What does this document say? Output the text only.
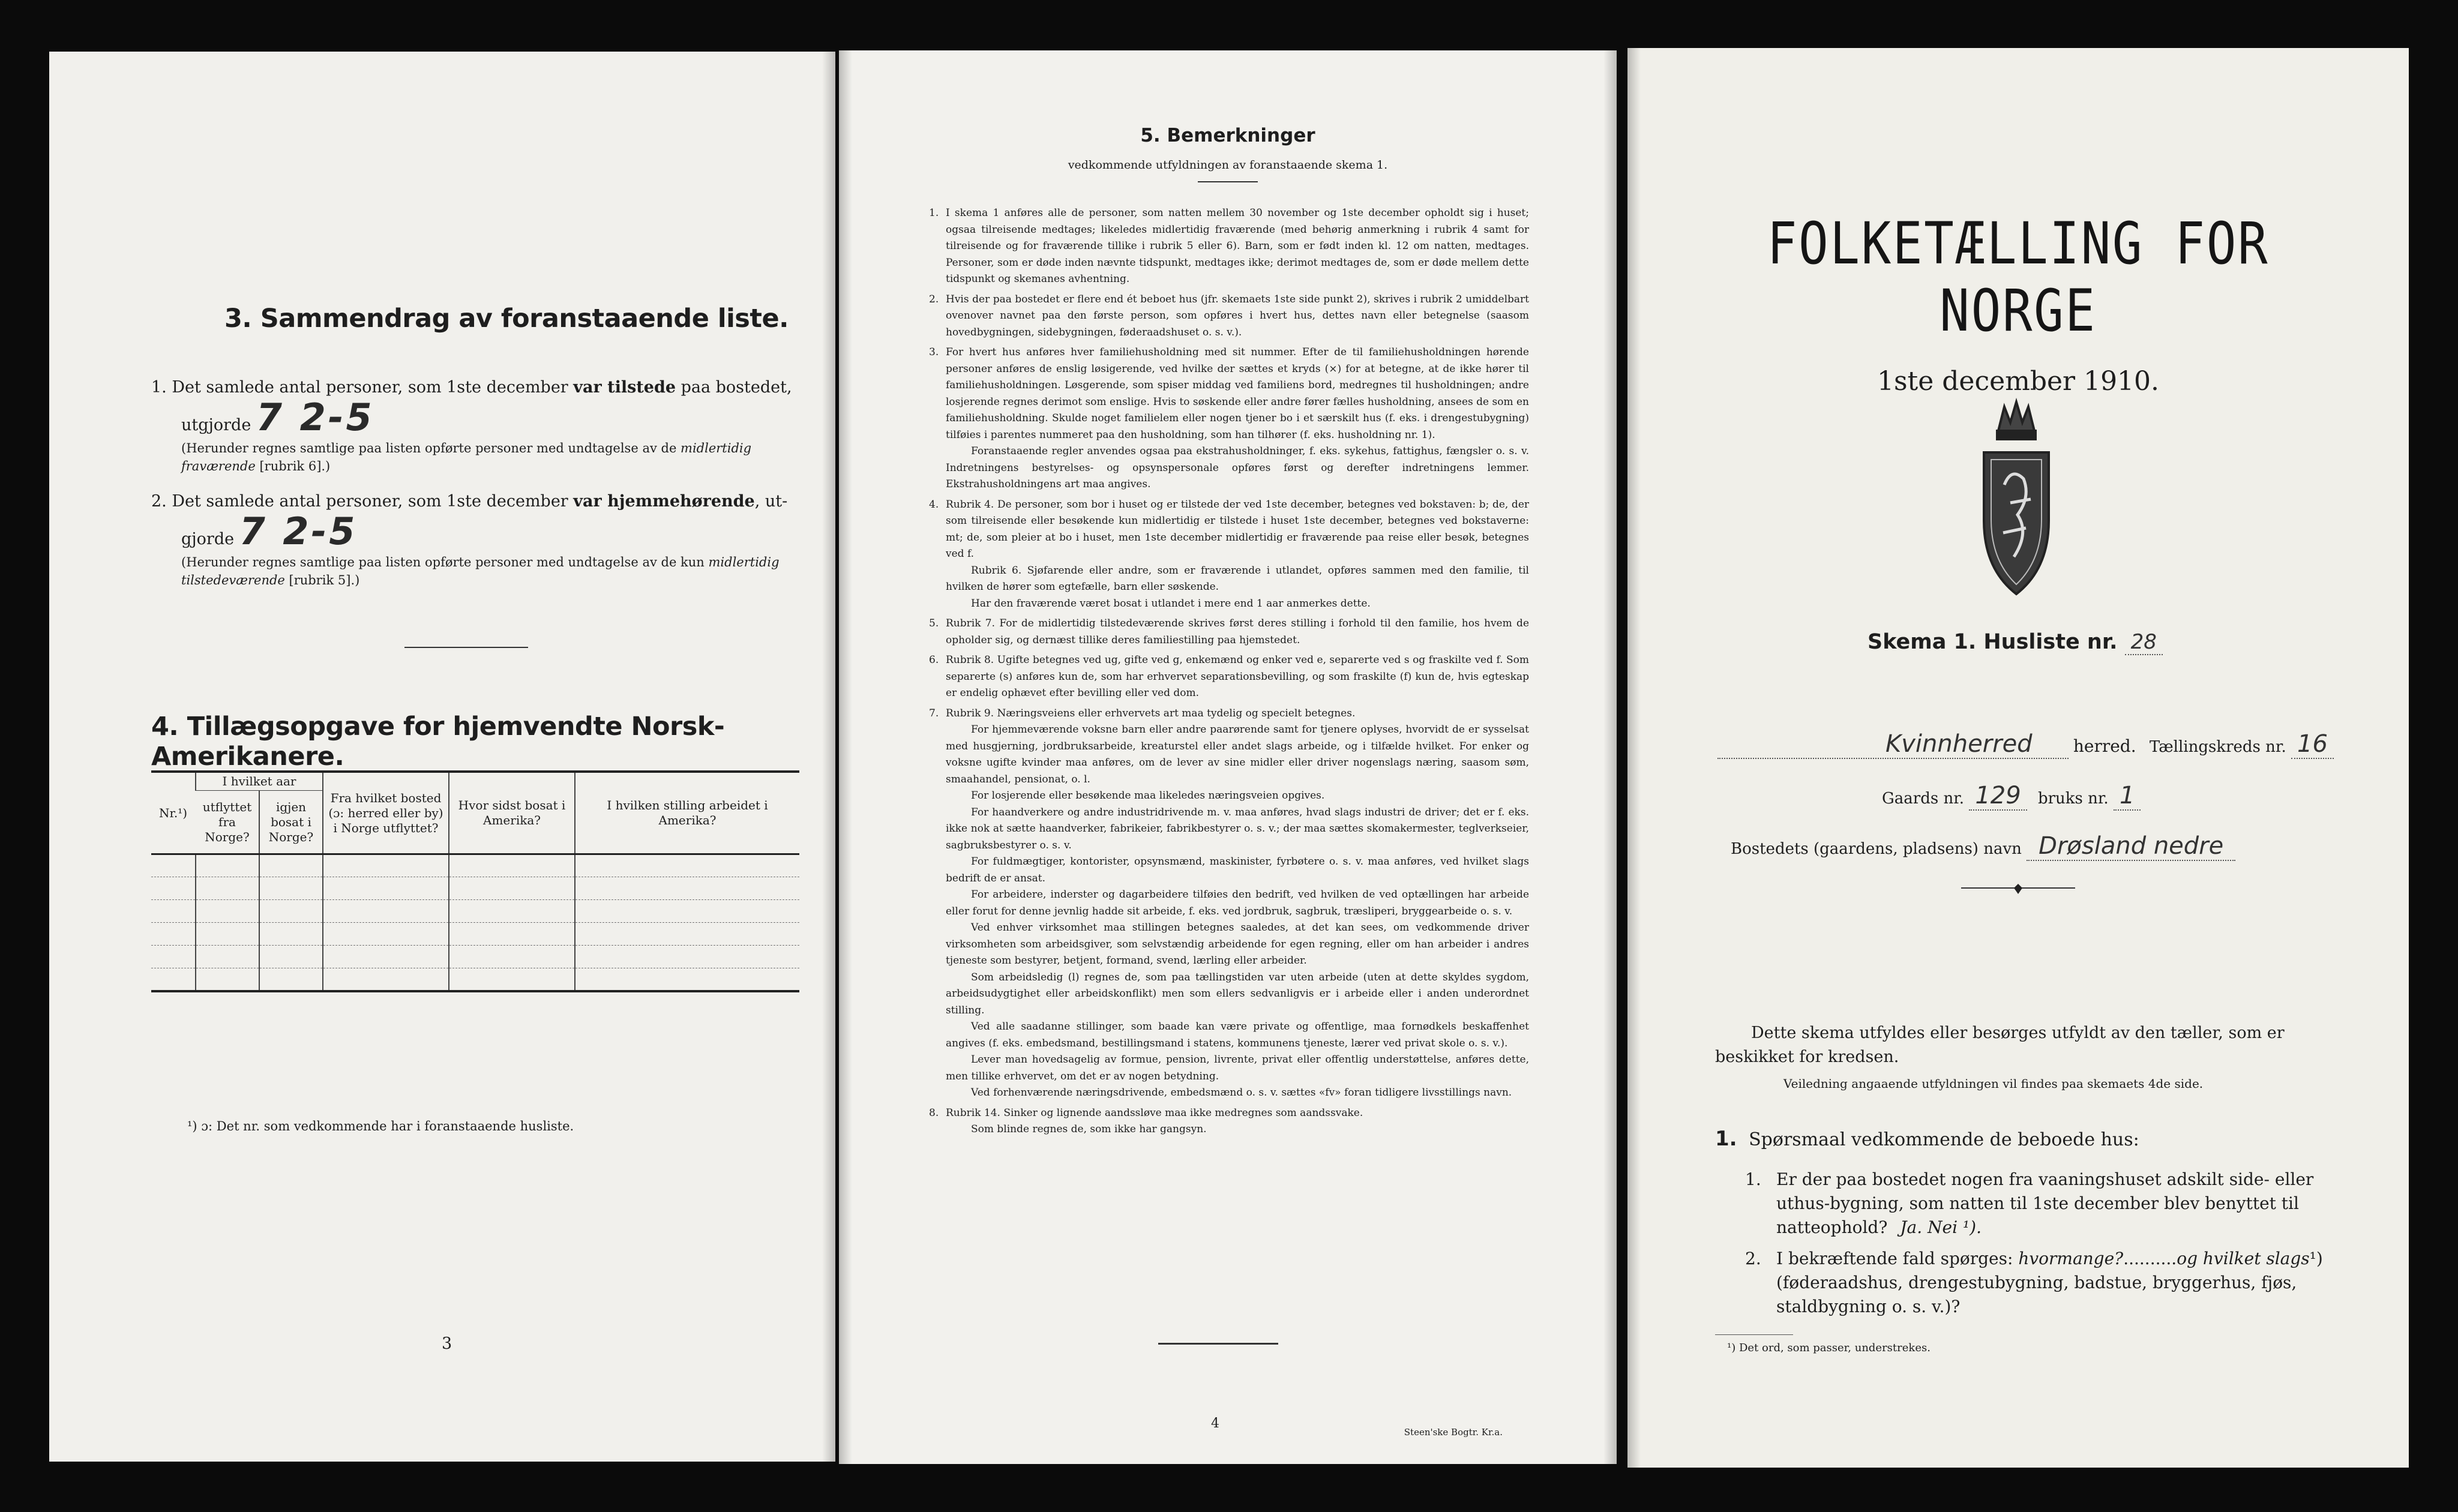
3. Sammendrag av foranstaaende liste.
1. Det samlede antal personer, som 1ste december var tilstede paa bostedet,
utgjorde 7 2-5
(Herunder regnes samtlige paa listen opførte personer med undtagelse av de midlertidig fraværende [rubrik 6].)
2. Det samlede antal personer, som 1ste december var hjemmehørende, ut-
gjorde 7 2-5
(Herunder regnes samtlige paa listen opførte personer med undtagelse av de kun midlertidig tilstedeværende [rubrik 5].)
4. Tillægsopgave for hjemvendte Norsk-Amerikanere.
Nr.¹)	I hvilket aar		Fra hvilket bosted (ɔ: herred eller by) i Norge utflyttet?	Hvor sidst bosat i Amerika?	I hvilken stilling arbeidet i Amerika?
	utflyttet fra Norge?	igjen bosat i Norge?			

¹) ɔ: Det nr. som vedkommende har i foranstaaende husliste.
3
5. Bemerkninger
vedkommende utfyldningen av foranstaaende skema 1.
1. I skema 1 anføres alle de personer, som natten mellem 30 november og 1ste december opholdt sig i huset; ogsaa tilreisende medtages; likeledes midlertidig fraværende (med behørig anmerkning i rubrik 4 samt for tilreisende og for fraværende tillike i rubrik 5 eller 6). Barn, som er født inden kl. 12 om natten, medtages. Personer, som er døde inden nævnte tidspunkt, medtages ikke; derimot medtages de, som er døde mellem dette tidspunkt og skemanes avhentning.

2. Hvis der paa bostedet er flere end ét beboet hus (jfr. skemaets 1ste side punkt 2), skrives i rubrik 2 umiddelbart ovenover navnet paa den første person, som opføres i hvert hus, dettes navn eller betegnelse (saasom hovedbygningen, sidebygningen, føderaadshuset o. s. v.).

3. For hvert hus anføres hver familiehusholdning med sit nummer. Efter de til familiehusholdningen hørende personer anføres de enslig løsigerende, ved hvilke der sættes et kryds (×) for at betegne, at de ikke hører til familiehusholdningen. Løsgerende, som spiser middag ved familiens bord, medregnes til husholdningen; andre losjerende regnes derimot som enslige. Hvis to søskende eller andre fører fælles husholdning, ansees de som en familiehusholdning. Skulde noget familielem eller nogen tjener bo i et særskilt hus (f. eks. i drengestubygning) tilføies i parentes nummeret paa den husholdning, som han tilhører (f. eks. husholdning nr. 1).

Foranstaaende regler anvendes ogsaa paa ekstrahusholdninger, f. eks. sykehus, fattighus, fængsler o. s. v. Indretningens bestyrelses- og opsynspersonale opføres først og derefter indretningens lemmer. Ekstrahusholdningens art maa angives.

4. Rubrik 4. De personer, som bor i huset og er tilstede der ved 1ste december, betegnes ved bokstaven: b; de, der som tilreisende eller besøkende kun midlertidig er tilstede i huset 1ste december, betegnes ved bokstaverne: mt; de, som pleier at bo i huset, men 1ste december midlertidig er fraværende paa reise eller besøk, betegnes ved f.

Rubrik 6. Sjøfarende eller andre, som er fraværende i utlandet, opføres sammen med den familie, til hvilken de hører som egtefælle, barn eller søskende.

Har den fraværende været bosat i utlandet i mere end 1 aar anmerkes dette.

5. Rubrik 7. For de midlertidig tilstedeværende skrives først deres stilling i forhold til den familie, hos hvem de opholder sig, og dernæst tillike deres familiestilling paa hjemstedet.

6. Rubrik 8. Ugifte betegnes ved ug, gifte ved g, enkemænd og enker ved e, separerte ved s og fraskilte ved f. Som separerte (s) anføres kun de, som har erhvervet separationsbevilling, og som fraskilte (f) kun de, hvis egteskap er endelig ophævet efter bevilling eller ved dom.

7. Rubrik 9. Næringsveiens eller erhvervets art maa tydelig og specielt betegnes.

For hjemmeværende voksne barn eller andre paarørende samt for tjenere oplyses, hvorvidt de er sysselsat med husgjerning, jordbruksarbeide, kreaturstel eller andet slags arbeide, og i tilfælde hvilket. For enker og voksne ugifte kvinder maa anføres, om de lever av sine midler eller driver nogenslags næring, saasom søm, smaahandel, pensionat, o. l.

For losjerende eller besøkende maa likeledes næringsveien opgives.

For haandverkere og andre industridrivende m. v. maa anføres, hvad slags industri de driver; det er f. eks. ikke nok at sætte haandverker, fabrikeier, fabrikbestyrer o. s. v.; der maa sættes skomakermester, teglverkseier, sagbruksbestyrer o. s. v.

For fuldmægtiger, kontorister, opsynsmænd, maskinister, fyrbøtere o. s. v. maa anføres, ved hvilket slags bedrift de er ansat.

For arbeidere, inderster og dagarbeidere tilføies den bedrift, ved hvilken de ved optællingen har arbeide eller forut for denne jevnlig hadde sit arbeide, f. eks. ved jordbruk, sagbruk, træsliperi, bryggearbeide o. s. v.

Ved enhver virksomhet maa stillingen betegnes saaledes, at det kan sees, om vedkommende driver virksomheten som arbeidsgiver, som selvstændig arbeidende for egen regning, eller om han arbeider i andres tjeneste som bestyrer, betjent, formand, svend, lærling eller arbeider.

Som arbeidsledig (l) regnes de, som paa tællingstiden var uten arbeide (uten at dette skyldes sygdom, arbeidsudygtighet eller arbeidskonflikt) men som ellers sedvanligvis er i arbeide eller i anden underordnet stilling.

Ved alle saadanne stillinger, som baade kan være private og offentlige, maa fornødkels beskaffenhet angives (f. eks. embedsmand, bestillingsmand i statens, kommunens tjeneste, lærer ved privat skole o. s. v.).

Lever man hovedsagelig av formue, pension, livrente, privat eller offentlig understøttelse, anføres dette, men tillike erhvervet, om det er av nogen betydning.

Ved forhenværende næringsdrivende, embedsmænd o. s. v. sættes «fv» foran tidligere livsstillings navn.

8. Rubrik 14. Sinker og lignende aandssløve maa ikke medregnes som aandssvake.

Som blinde regnes de, som ikke har gangsyn.

4
Steen'ske Bogtr. Kr.a.
FOLKETÆLLING FOR NORGE
1ste december 1910.
Skema 1. Husliste nr. 28
Kvinnherred herred. Tællingskreds nr. 16
Gaards nr. 129 bruks nr. 1
Bostedets (gaardens, pladsens) navn Drøsland nedre
Dette skema utfyldes eller besørges utfyldt av den tæller, som er beskikket for kredsen.
Veiledning angaaende utfyldningen vil findes paa skemaets 4de side.
1. Spørsmaal vedkommende de beboede hus:
1. Er der paa bostedet nogen fra vaaningshuset adskilt side- eller uthus-bygning, som natten til 1ste december blev benyttet til natteophold? Ja. Nei ¹).
2. I bekræftende fald spørges: hvormange?..........og hvilket slags¹) (føderaadshus, drengestubygning, badstue, bryggerhus, fjøs, staldbygning o. s. v.)?
¹) Det ord, som passer, understrekes.
